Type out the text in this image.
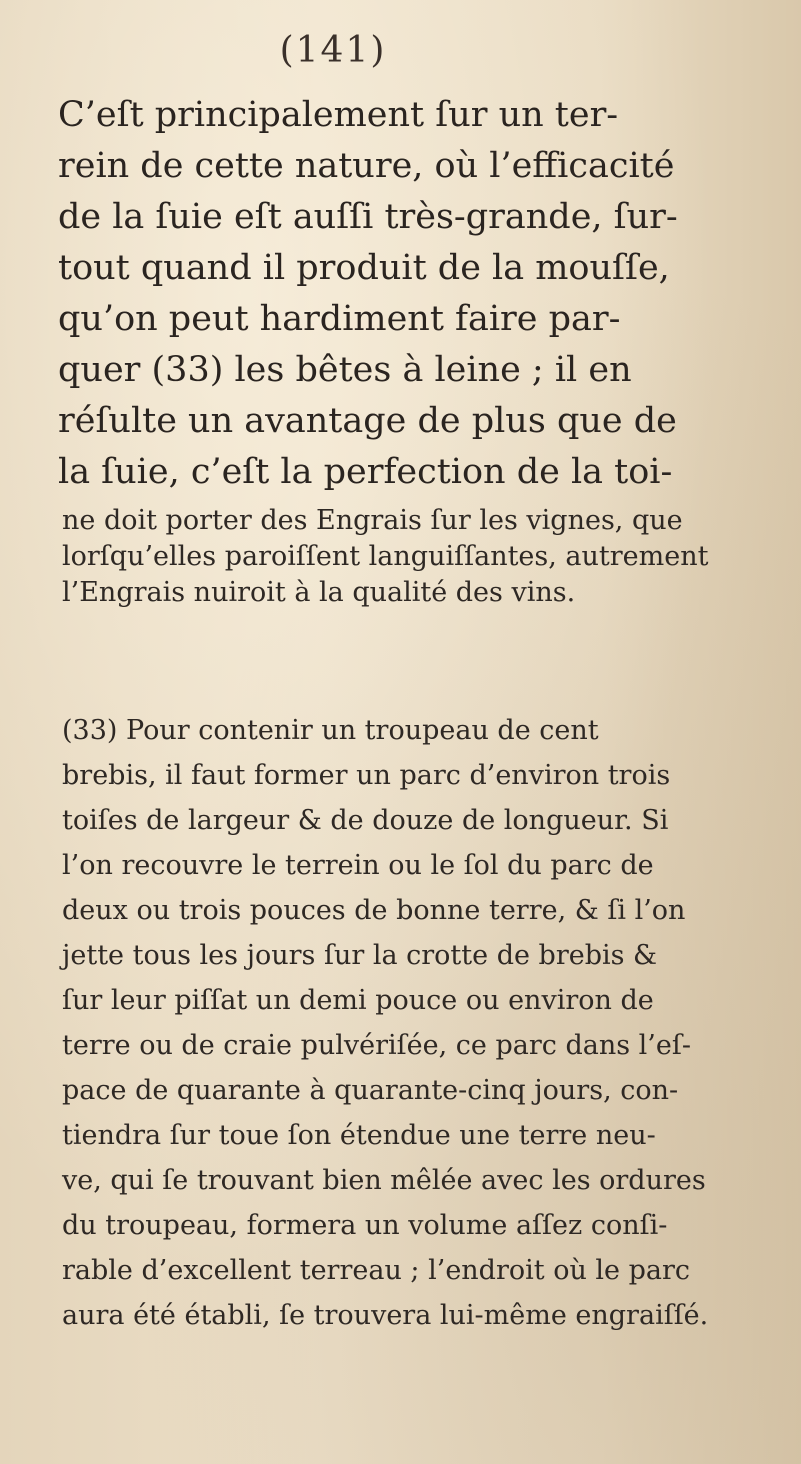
(141)
C’eſt principalement ſur un ter-
rein de cette nature, où l’efficacité
de la ſuie eſt auſſi très-grande, ſur-
tout quand il produit de la mouſſe,
qu’on peut hardiment faire par-
quer (33) les bêtes à leine ; il en
réſulte un avantage de plus que de
la ſuie, c’eſt la perfection de la toi-
ne doit porter des Engrais ſur les vignes, que
lorſqu’elles paroiſſent languiſſantes, autrement
l’Engrais nuiroit à la qualité des vins.
(33) Pour contenir un troupeau de cent
brebis, il faut former un parc d’environ trois
toiſes de largeur & de douze de longueur. Si
l’on recouvre le terrein ou le ſol du parc de
deux ou trois pouces de bonne terre, & ſi l’on
jette tous les jours ſur la crotte de brebis &
ſur leur piſſat un demi pouce ou environ de
terre ou de craie pulvériſée, ce parc dans l’eſ-
pace de quarante à quarante-cinq jours, con-
tiendra ſur toue ſon étendue une terre neu-
ve, qui ſe trouvant bien mêlée avec les ordures
du troupeau, formera un volume aſſez conſi-
rable d’excellent terreau ; l’endroit où le parc
aura été établi, ſe trouvera lui-même engraiſſé.
